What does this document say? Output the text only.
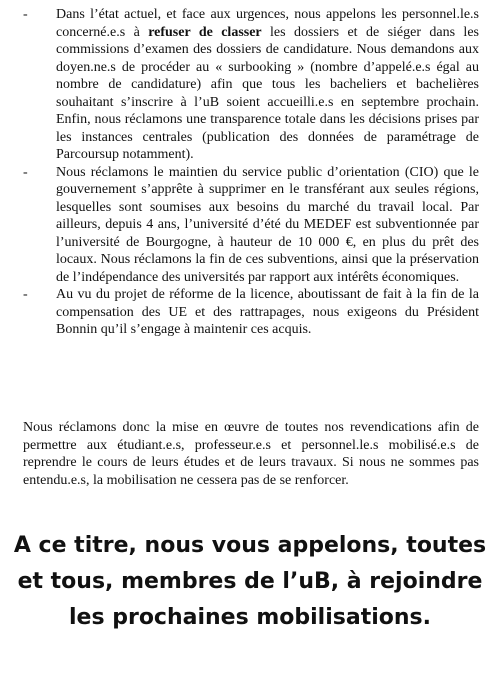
-	Dans l’état actuel, et face aux urgences, nous appelons les personnel.le.s concerné.e.s à refuser de classer les dossiers et de siéger dans les commissions d’examen des dossiers de candidature. Nous demandons aux doyen.ne.s de procéder au « surbooking » (nombre d’appelé.e.s égal au nombre de candidature) afin que tous les bacheliers et bachelières souhaitant s’inscrire à l’uB soient accueilli.e.s en septembre prochain. Enfin, nous réclamons une transparence totale dans les décisions prises par les instances centrales (publication des données de paramétrage de Parcoursup notamment).
-	Nous réclamons le maintien du service public d’orientation (CIO) que le gouvernement s’apprête à supprimer en le transférant aux seules régions, lesquelles sont soumises aux besoins du marché du travail local. Par ailleurs, depuis 4 ans, l’université d’été du MEDEF est subventionnée par l’université de Bourgogne, à hauteur de 10 000 €, en plus du prêt des locaux. Nous réclamons la fin de ces subventions, ainsi que la préservation de l’indépendance des universités par rapport aux intérêts économiques.
-	Au vu du projet de réforme de la licence, aboutissant de fait à la fin de la compensation des UE et des rattrapages, nous exigeons du Président Bonnin qu’il s’engage à maintenir ces acquis.

Nous réclamons donc la mise en œuvre de toutes nos revendications afin de permettre aux étudiant.e.s, professeur.e.s et personnel.le.s mobilisé.e.s de reprendre le cours de leurs études et de leurs travaux. Si nous ne sommes pas entendu.e.s, la mobilisation ne cessera pas de se renforcer.

A ce titre, nous vous appelons, toutes et tous, membres de l’uB, à rejoindre les prochaines mobilisations.
